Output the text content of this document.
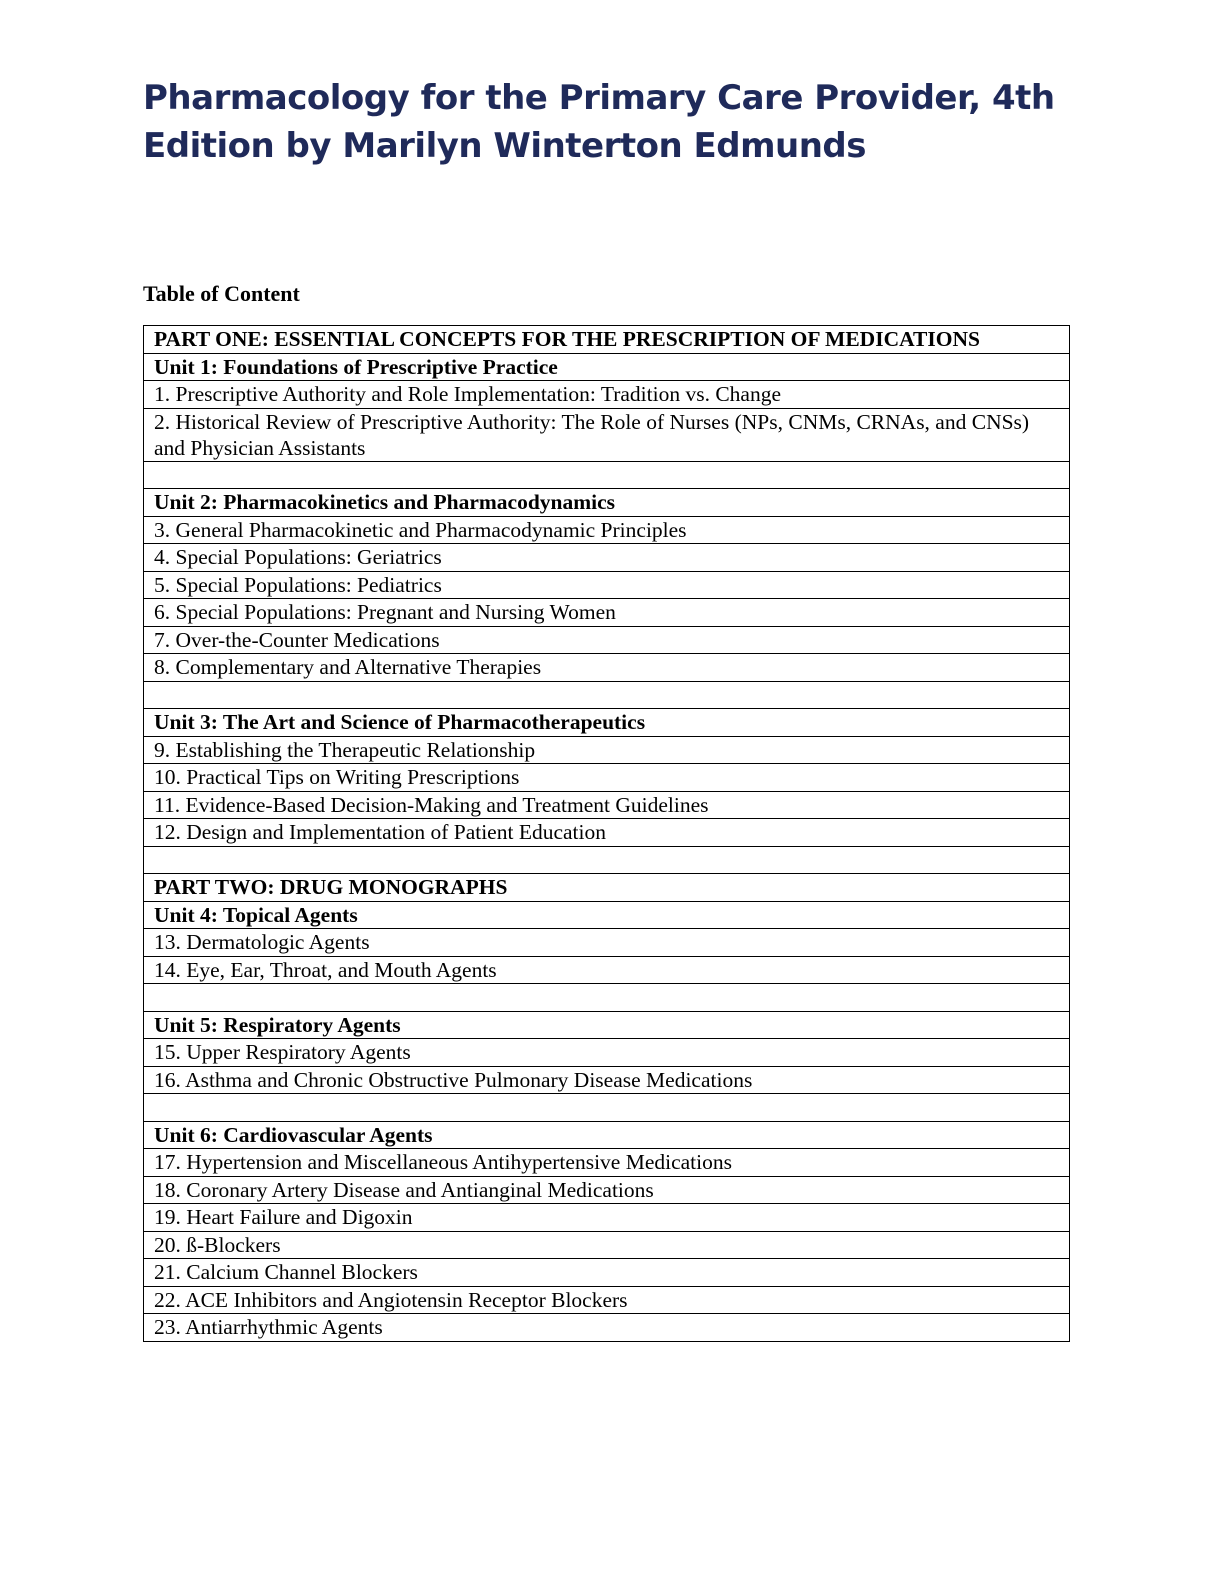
Pharmacology for the Primary Care Provider, 4th Edition by Marilyn Winterton Edmunds

Table of Content

PART ONE: ESSENTIAL CONCEPTS FOR THE PRESCRIPTION OF MEDICATIONS
Unit 1: Foundations of Prescriptive Practice
1. Prescriptive Authority and Role Implementation: Tradition vs. Change
2. Historical Review of Prescriptive Authority: The Role of Nurses (NPs, CNMs, CRNAs, and CNSs) and Physician Assistants

Unit 2: Pharmacokinetics and Pharmacodynamics
3. General Pharmacokinetic and Pharmacodynamic Principles
4. Special Populations: Geriatrics
5. Special Populations: Pediatrics
6. Special Populations: Pregnant and Nursing Women
7. Over-the-Counter Medications
8. Complementary and Alternative Therapies

Unit 3: The Art and Science of Pharmacotherapeutics
9. Establishing the Therapeutic Relationship
10. Practical Tips on Writing Prescriptions
11. Evidence-Based Decision-Making and Treatment Guidelines
12. Design and Implementation of Patient Education

PART TWO: DRUG MONOGRAPHS
Unit 4: Topical Agents
13. Dermatologic Agents
14. Eye, Ear, Throat, and Mouth Agents

Unit 5: Respiratory Agents
15. Upper Respiratory Agents
16. Asthma and Chronic Obstructive Pulmonary Disease Medications

Unit 6: Cardiovascular Agents
17. Hypertension and Miscellaneous Antihypertensive Medications
18. Coronary Artery Disease and Antianginal Medications
19. Heart Failure and Digoxin
20. ß-Blockers
21. Calcium Channel Blockers
22. ACE Inhibitors and Angiotensin Receptor Blockers
23. Antiarrhythmic Agents
